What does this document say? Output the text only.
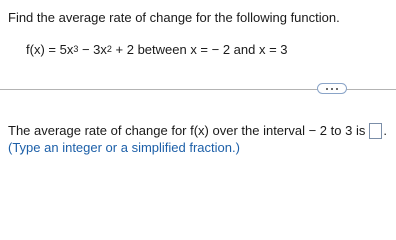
Find the average rate of change for the following function.
$f(x) = 5x^3 - 3x^2 + 2$ between x = − 2 and x = 3
The average rate of change for f(x) over the interval − 2 to 3 is .
(Type an integer or a simplified fraction.)
